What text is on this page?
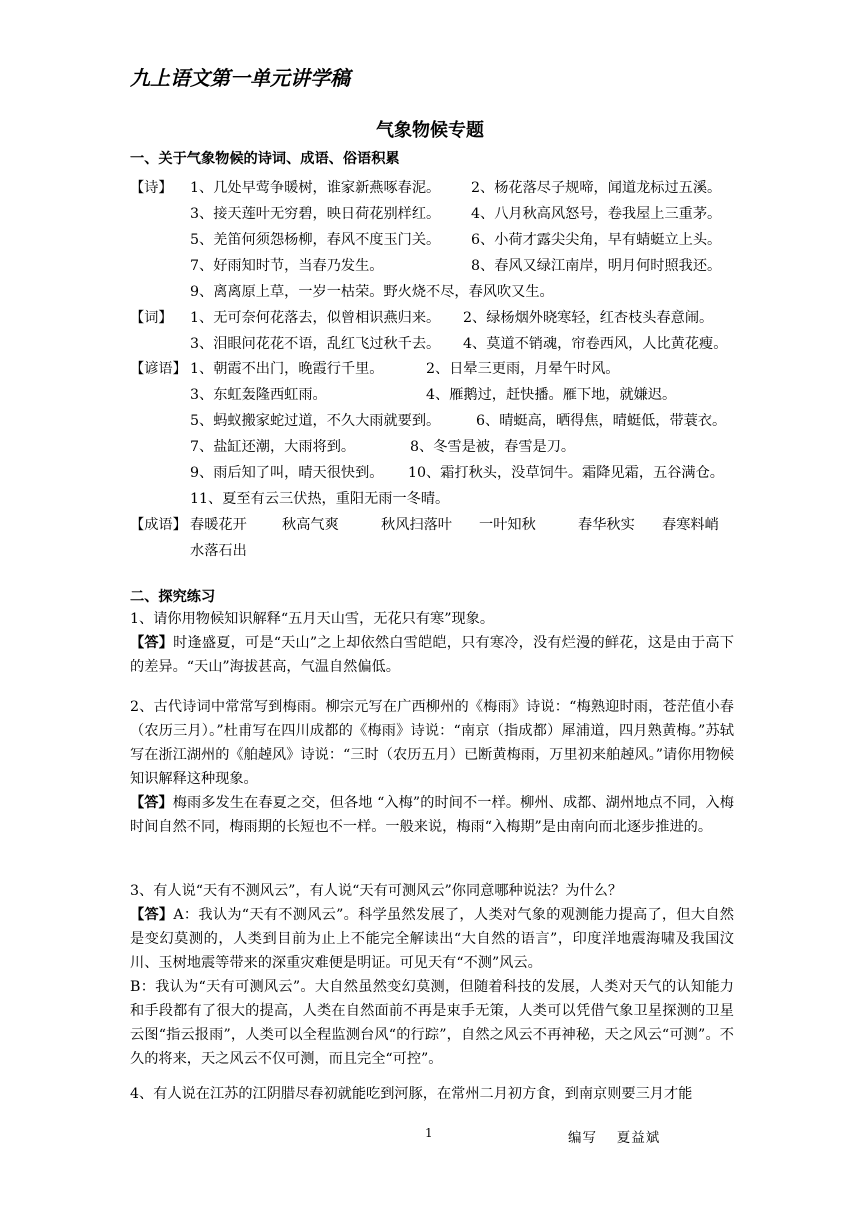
九上语文第一单元讲学稿
气象物候专题
一、关于气象物候的诗词、成语、俗语积累
【诗】 1、几处早莺争暖树，谁家新燕啄春泥。 2、杨花落尽子规啼，闻道龙标过五溪。
3、接天莲叶无穷碧，映日荷花别样红。 4、八月秋高风怒号，卷我屋上三重茅。
5、羌笛何须怨杨柳，春风不度玉门关。 6、小荷才露尖尖角，早有蜻蜓立上头。
7、好雨知时节，当春乃发生。	8、春风又绿江南岸，明月何时照我还。
9、离离原上草，一岁一枯荣。野火烧不尽，春风吹又生。
【词】 1、无可奈何花落去，似曾相识燕归来。 2、绿杨烟外晓寒轻，红杏枝头春意闹。
3、泪眼问花花不语，乱红飞过秋千去。 4、莫道不销魂，帘卷西风，人比黄花瘦。
【谚语】 1、朝霞不出门，晚霞行千里。	2、日晕三更雨，月晕午时风。
3、东虹轰隆西虹雨。	4、雁鹅过，赶快播。雁下地，就嫌迟。
5、蚂蚁搬家蛇过道，不久大雨就要到。	6、晴蜓高，晒得焦，晴蜓低，带蓑衣。
7、盐缸还潮，大雨将到。	8、冬雪是被，春雪是刀。
9、雨后知了叫，晴天很快到。 10、霜打秋头，没草饲牛。霜降见霜，五谷满仓。
11、夏至有云三伏热，重阳无雨一冬晴。
【成语】 春暖花开 秋高气爽	秋风扫落叶 一叶知秋	春华秋实 春寒料峭
水落石出
二、探究练习
1、请你用物候知识解释“五月天山雪，无花只有寒”现象。
【答】时逢盛夏，可是“天山”之上却依然白雪皑皑，只有寒冷，没有烂漫的鲜花，这是由于高下的差异。“天山”海拔甚高，气温自然偏低。
2、古代诗词中常常写到梅雨。柳宗元写在广西柳州的《梅雨》诗说：“梅熟迎时雨，苍茫值小春（农历三月）。”杜甫写在四川成都的《梅雨》诗说：“南京（指成都）犀浦道，四月熟黄梅。”苏轼写在浙江湖州的《舶趠风》诗说：“三时（农历五月）已断黄梅雨，万里初来舶趠风。”请你用物候知识解释这种现象。
【答】梅雨多发生在春夏之交，但各地 “入梅”的时间不一样。柳州、成都、湖州地点不同，入梅时间自然不同，梅雨期的长短也不一样。一般来说，梅雨“入梅期”是由南向而北逐步推进的。
3、有人说“天有不测风云”，有人说“天有可测风云”你同意哪种说法？为什么？
【答】A：我认为“天有不测风云”。科学虽然发展了，人类对气象的观测能力提高了，但大自然是变幻莫测的，人类到目前为止上不能完全解读出“大自然的语言”，印度洋地震海啸及我国汶川、玉树地震等带来的深重灾难便是明证。可见天有“不测”风云。
B：我认为“天有可测风云”。大自然虽然变幻莫测，但随着科技的发展，人类对天气的认知能力和手段都有了很大的提高，人类在自然面前不再是束手无策，人类可以凭借气象卫星探测的卫星云图“指云报雨”，人类可以全程监测台风“的行踪”，自然之风云不再神秘，天之风云“可测”。不久的将来，天之风云不仅可测，而且完全“可控”。
4、有人说在江苏的江阴腊尽春初就能吃到河豚，在常州二月初方食，到南京则要三月才能
1	编写　 夏益斌
